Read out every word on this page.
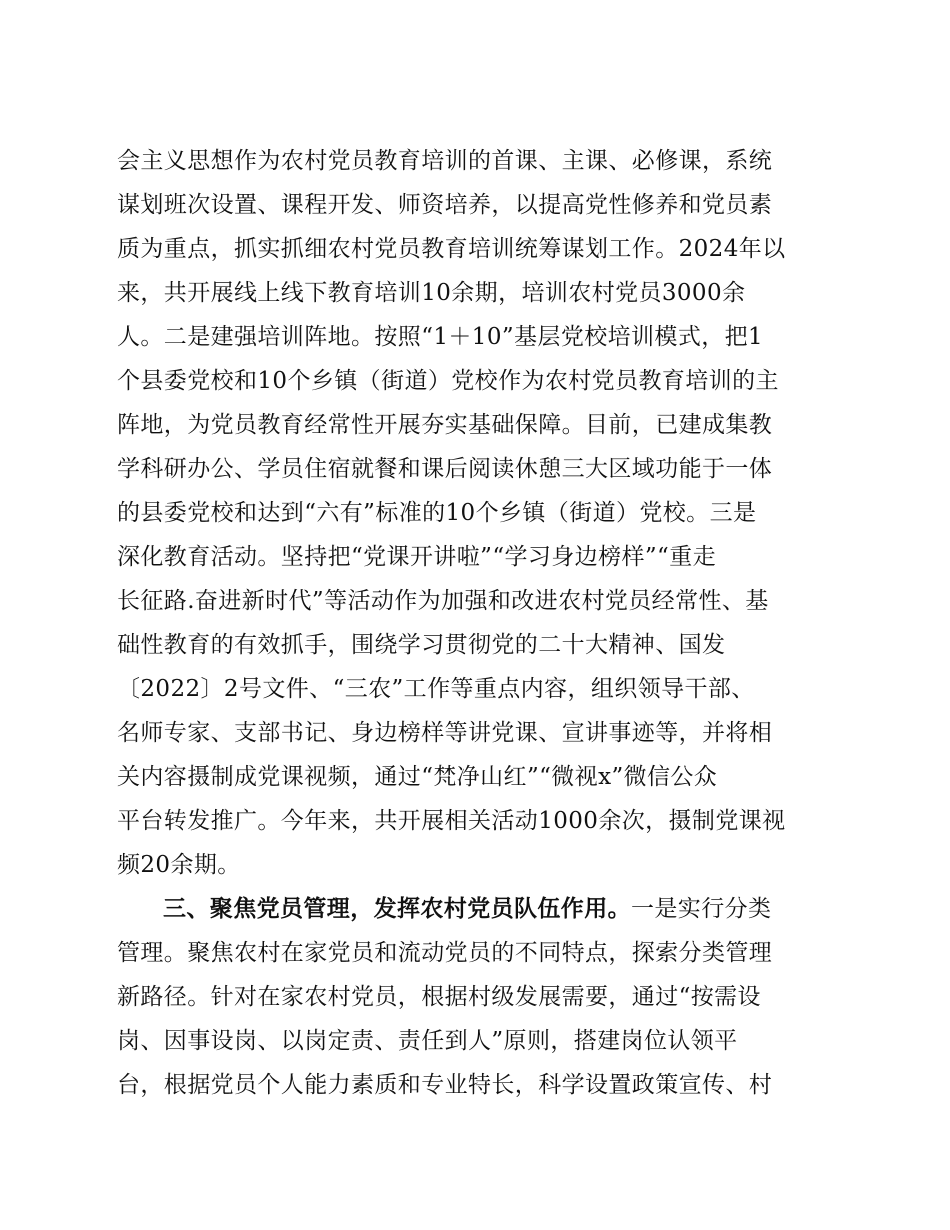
会主义思想作为农村党员教育培训的首课、主课、必修课，系统
谋划班次设置、课程开发、师资培养，以提高党性修养和党员素
质为重点，抓实抓细农村党员教育培训统筹谋划工作。2024年以
来，共开展线上线下教育培训10余期，培训农村党员3000余
人。二是建强培训阵地。按照“1＋10”基层党校培训模式，把1
个县委党校和10个乡镇（街道）党校作为农村党员教育培训的主
阵地，为党员教育经常性开展夯实基础保障。目前，已建成集教
学科研办公、学员住宿就餐和课后阅读休憩三大区域功能于一体
的县委党校和达到“六有”标准的10个乡镇（街道）党校。三是
深化教育活动。坚持把“党课开讲啦”“学习身边榜样”“重走
长征路.奋进新时代”等活动作为加强和改进农村党员经常性、基
础性教育的有效抓手，围绕学习贯彻党的二十大精神、国发
〔2022〕2号文件、“三农”工作等重点内容，组织领导干部、
名师专家、支部书记、身边榜样等讲党课、宣讲事迹等，并将相
关内容摄制成党课视频，通过“梵净山红”“微视x”微信公众
平台转发推广。今年来，共开展相关活动1000余次，摄制党课视
频20余期。
三、聚焦党员管理，发挥农村党员队伍作用。一是实行分类
管理。聚焦农村在家党员和流动党员的不同特点，探索分类管理
新路径。针对在家农村党员，根据村级发展需要，通过“按需设
岗、因事设岗、以岗定责、责任到人”原则，搭建岗位认领平
台，根据党员个人能力素质和专业特长，科学设置政策宣传、村
